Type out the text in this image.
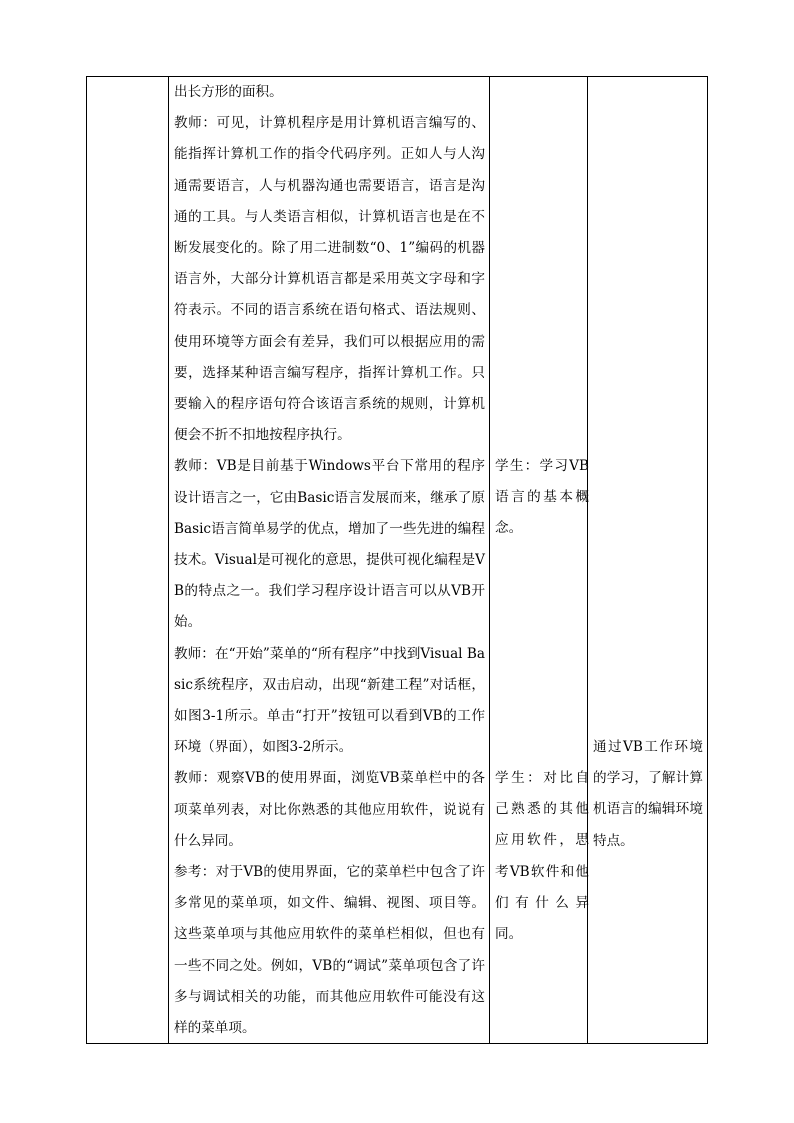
出长方形的面积。

教师：可见，计算机程序是用计算机语言编写的、能指挥计算机工作的指令代码序列。正如人与人沟通需要语言，人与机器沟通也需要语言，语言是沟通的工具。与人类语言相似，计算机语言也是在不断发展变化的。除了用二进制数“0、1”编码的机器语言外，大部分计算机语言都是采用英文字母和字符表示。不同的语言系统在语句格式、语法规则、使用环境等方面会有差异，我们可以根据应用的需要，选择某种语言编写程序，指挥计算机工作。只要输入的程序语句符合该语言系统的规则，计算机便会不折不扣地按程序执行。

教师：VB是目前基于Windows平台下常用的程序设计语言之一，它由Basic语言发展而来，继承了原Basic语言简单易学的优点，增加了一些先进的编程技术。Visual是可视化的意思，提供可视化编程是VB的特点之一。我们学习程序设计语言可以从VB开始。

教师：在“开始”菜单的“所有程序”中找到Visual Basic系统程序，双击启动，出现“新建工程”对话框，如图3-1所示。单击“打开”按钮可以看到VB的工作环境（界面），如图3-2所示。

教师：观察VB的使用界面，浏览VB菜单栏中的各项菜单列表，对比你熟悉的其他应用软件，说说有什么异同。

参考：对于VB的使用界面，它的菜单栏中包含了许多常见的菜单项，如文件、编辑、视图、项目等。这些菜单项与其他应用软件的菜单栏相似，但也有一些不同之处。例如，VB的“调试”菜单项包含了许多与调试相关的功能，而其他应用软件可能没有这样的菜单项。

学生：学习VB语言的基本概念。

学生：对比自己熟悉的其他应用软件，思考VB软件和他们有什么异同。

通过VB工作环境的学习，了解计算机语言的编辑环境特点。
